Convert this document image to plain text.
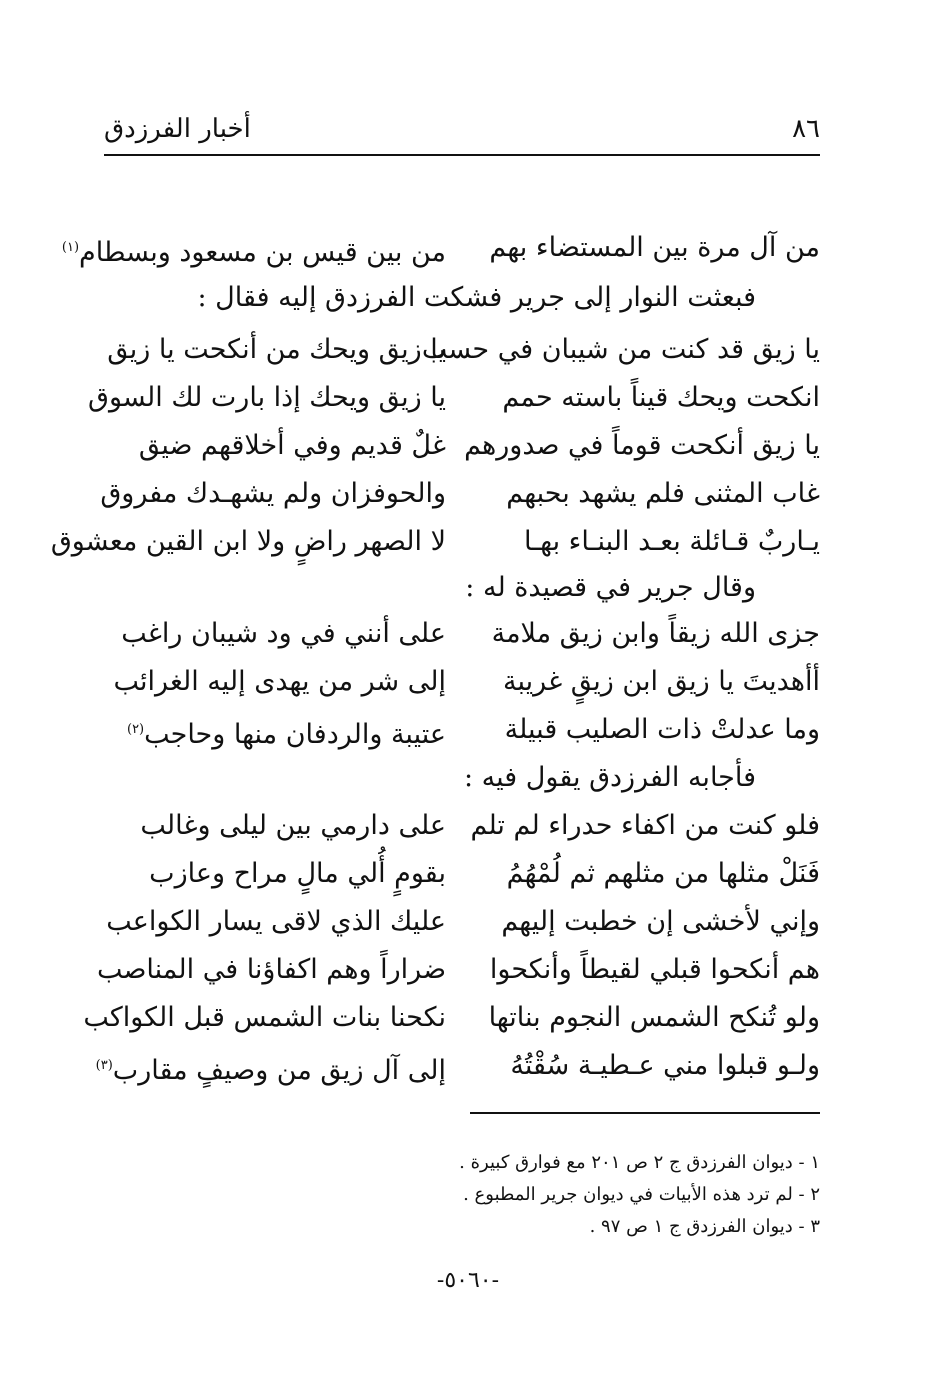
٨٦
أخبار الفرزدق
من آل مرة بين المستضاء بهم
من بين قيس بن مسعود وبسطام$^{(١)}$
فبعثت النوار إلى جرير فشكت الفرزدق إليه فقال :
يا زيق قد كنت من شيبان في حسب
يا زيق ويحك من أنكحت يا زيق
انكحت ويحك قيناً باسته حمم
يا زيق ويحك إذا بارت لك السوق
يا زيق أنكحت قوماً في صدورهم
غلٌ قديم وفي أخلاقهم ضيق
غاب المثنى فلم يشهد بحبهم
والحوفزان ولم يشهـدك مفروق
يـاربٌ قـائلة بعـد البنـاء بهـا
لا الصهر راضٍ ولا ابن القين معشوق
وقال جرير في قصيدة له :
جزى الله زيقاً وابن زيق ملامة
على أنني في ود شيبان راغب
أأهديتَ يا زيق ابن زيقٍ غريبة
إلى شر من يهدى إليه الغرائب
وما عدلتْ ذات الصليب قبيلة
عتيبة والردفان منها وحاجب$^{(٢)}$
فأجابه الفرزدق يقول فيه :
فلو كنت من اكفاء حدراء لم تلم
على دارمي بين ليلى وغالب
فَنَلْ مثلها من مثلهم ثم لُمْهُمُ
بقومٍ أُلي مالٍ مراح وعازب
وإني لأخشى إن خطبت إليهم
عليك الذي لاقى يسار الكواعب
هم أنكحوا قبلي لقيطاً وأنكحوا
ضراراً وهم اكفاؤنا في المناصب
ولو تُنكح الشمس النجوم بناتها
نكحنا بنات الشمس قبل الكواكب
ولـو قبلوا مني عـطيـة سُقْتُهُ
إلى آل زيق من وصيفٍ مقارب$^{(٣)}$
١ - ديوان الفرزدق ج ٢ ص ٢٠١ مع فوارق كبيرة .
٢ - لم ترد هذه الأبيات في ديوان جرير المطبوع .
٣ - ديوان الفرزدق ج ١ ص ٩٧ .
-٥٠٦٠-
